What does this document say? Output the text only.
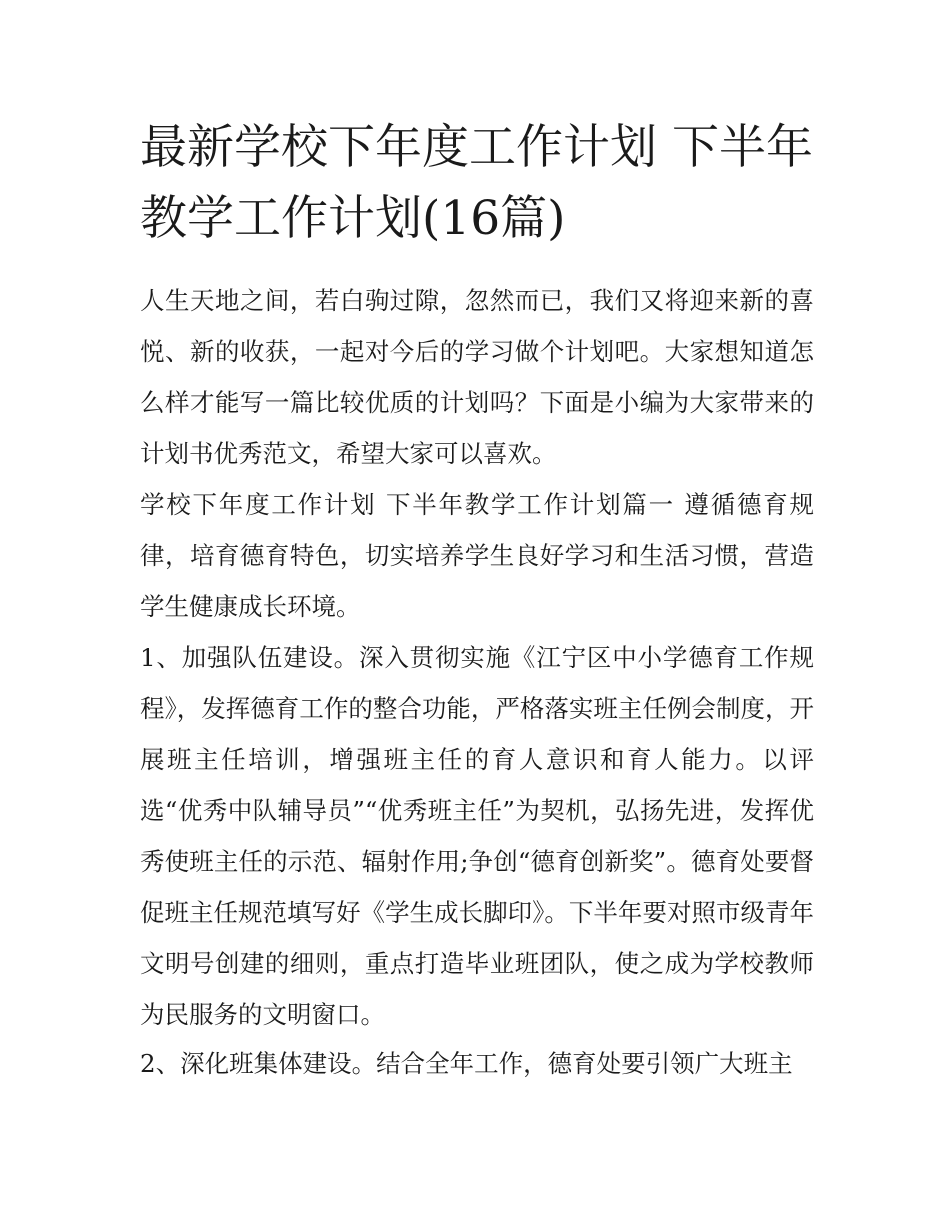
最新学校下年度工作计划 下半年教学工作计划(16篇)

人生天地之间，若白驹过隙，忽然而已，我们又将迎来新的喜悦、新的收获，一起对今后的学习做个计划吧。大家想知道怎么样才能写一篇比较优质的计划吗？下面是小编为大家带来的计划书优秀范文，希望大家可以喜欢。

学校下年度工作计划 下半年教学工作计划篇一 遵循德育规律，培育德育特色，切实培养学生良好学习和生活习惯，营造学生健康成长环境。

1、加强队伍建设。深入贯彻实施《江宁区中小学德育工作规程》，发挥德育工作的整合功能，严格落实班主任例会制度，开展班主任培训，增强班主任的育人意识和育人能力。以评选“优秀中队辅导员”“优秀班主任”为契机，弘扬先进，发挥优秀使班主任的示范、辐射作用;争创“德育创新奖”。德育处要督促班主任规范填写好《学生成长脚印》。下半年要对照市级青年文明号创建的细则，重点打造毕业班团队，使之成为学校教师为民服务的文明窗口。

2、深化班集体建设。结合全年工作，德育处要引领广大班主
